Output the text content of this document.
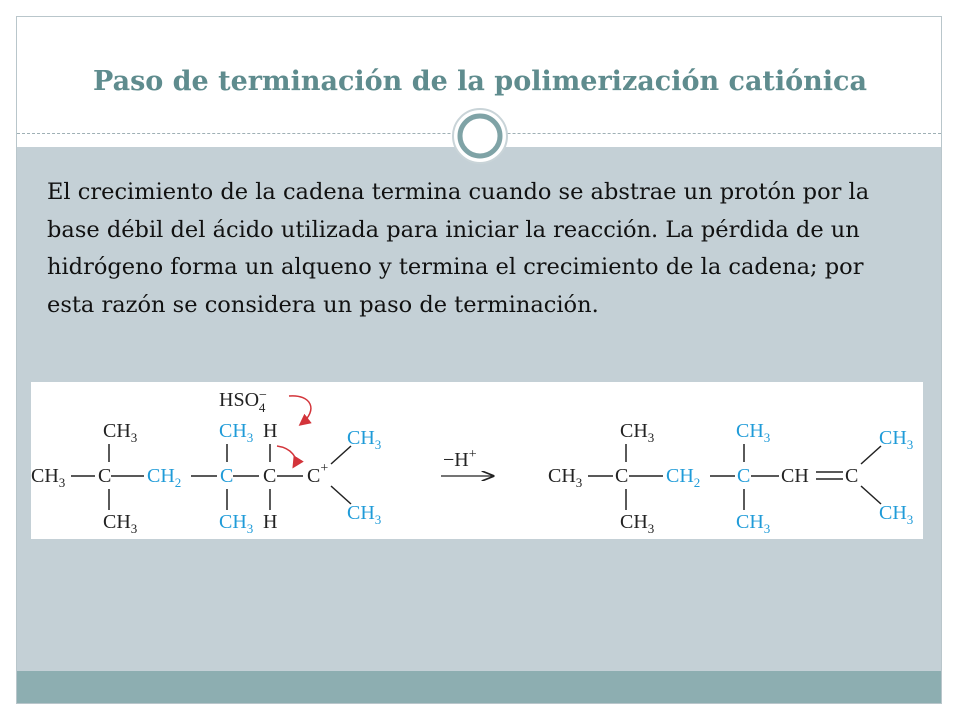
Paso de terminación de la polimerización catiónica
El crecimiento de la cadena termina cuando se abstrae un protón por la base débil del ácido utilizada para iniciar la reacción. La pérdida de un hidrógeno forma un alqueno y termina el crecimiento de la cadena; por esta razón se considera un paso de terminación.
$CH_3$
$CH_3$ C
$CH_3$
$CH_2$
$CH_3$
C
$CH_3$
H
C
H
C+
$CH_3$
$CH_3$
HSO− 4
−H+
$CH_3$
$CH_3$ C
$CH_3$
$CH_2$
$CH_3$
C
$CH_3$
CH C
$CH_3$
$CH_3$
